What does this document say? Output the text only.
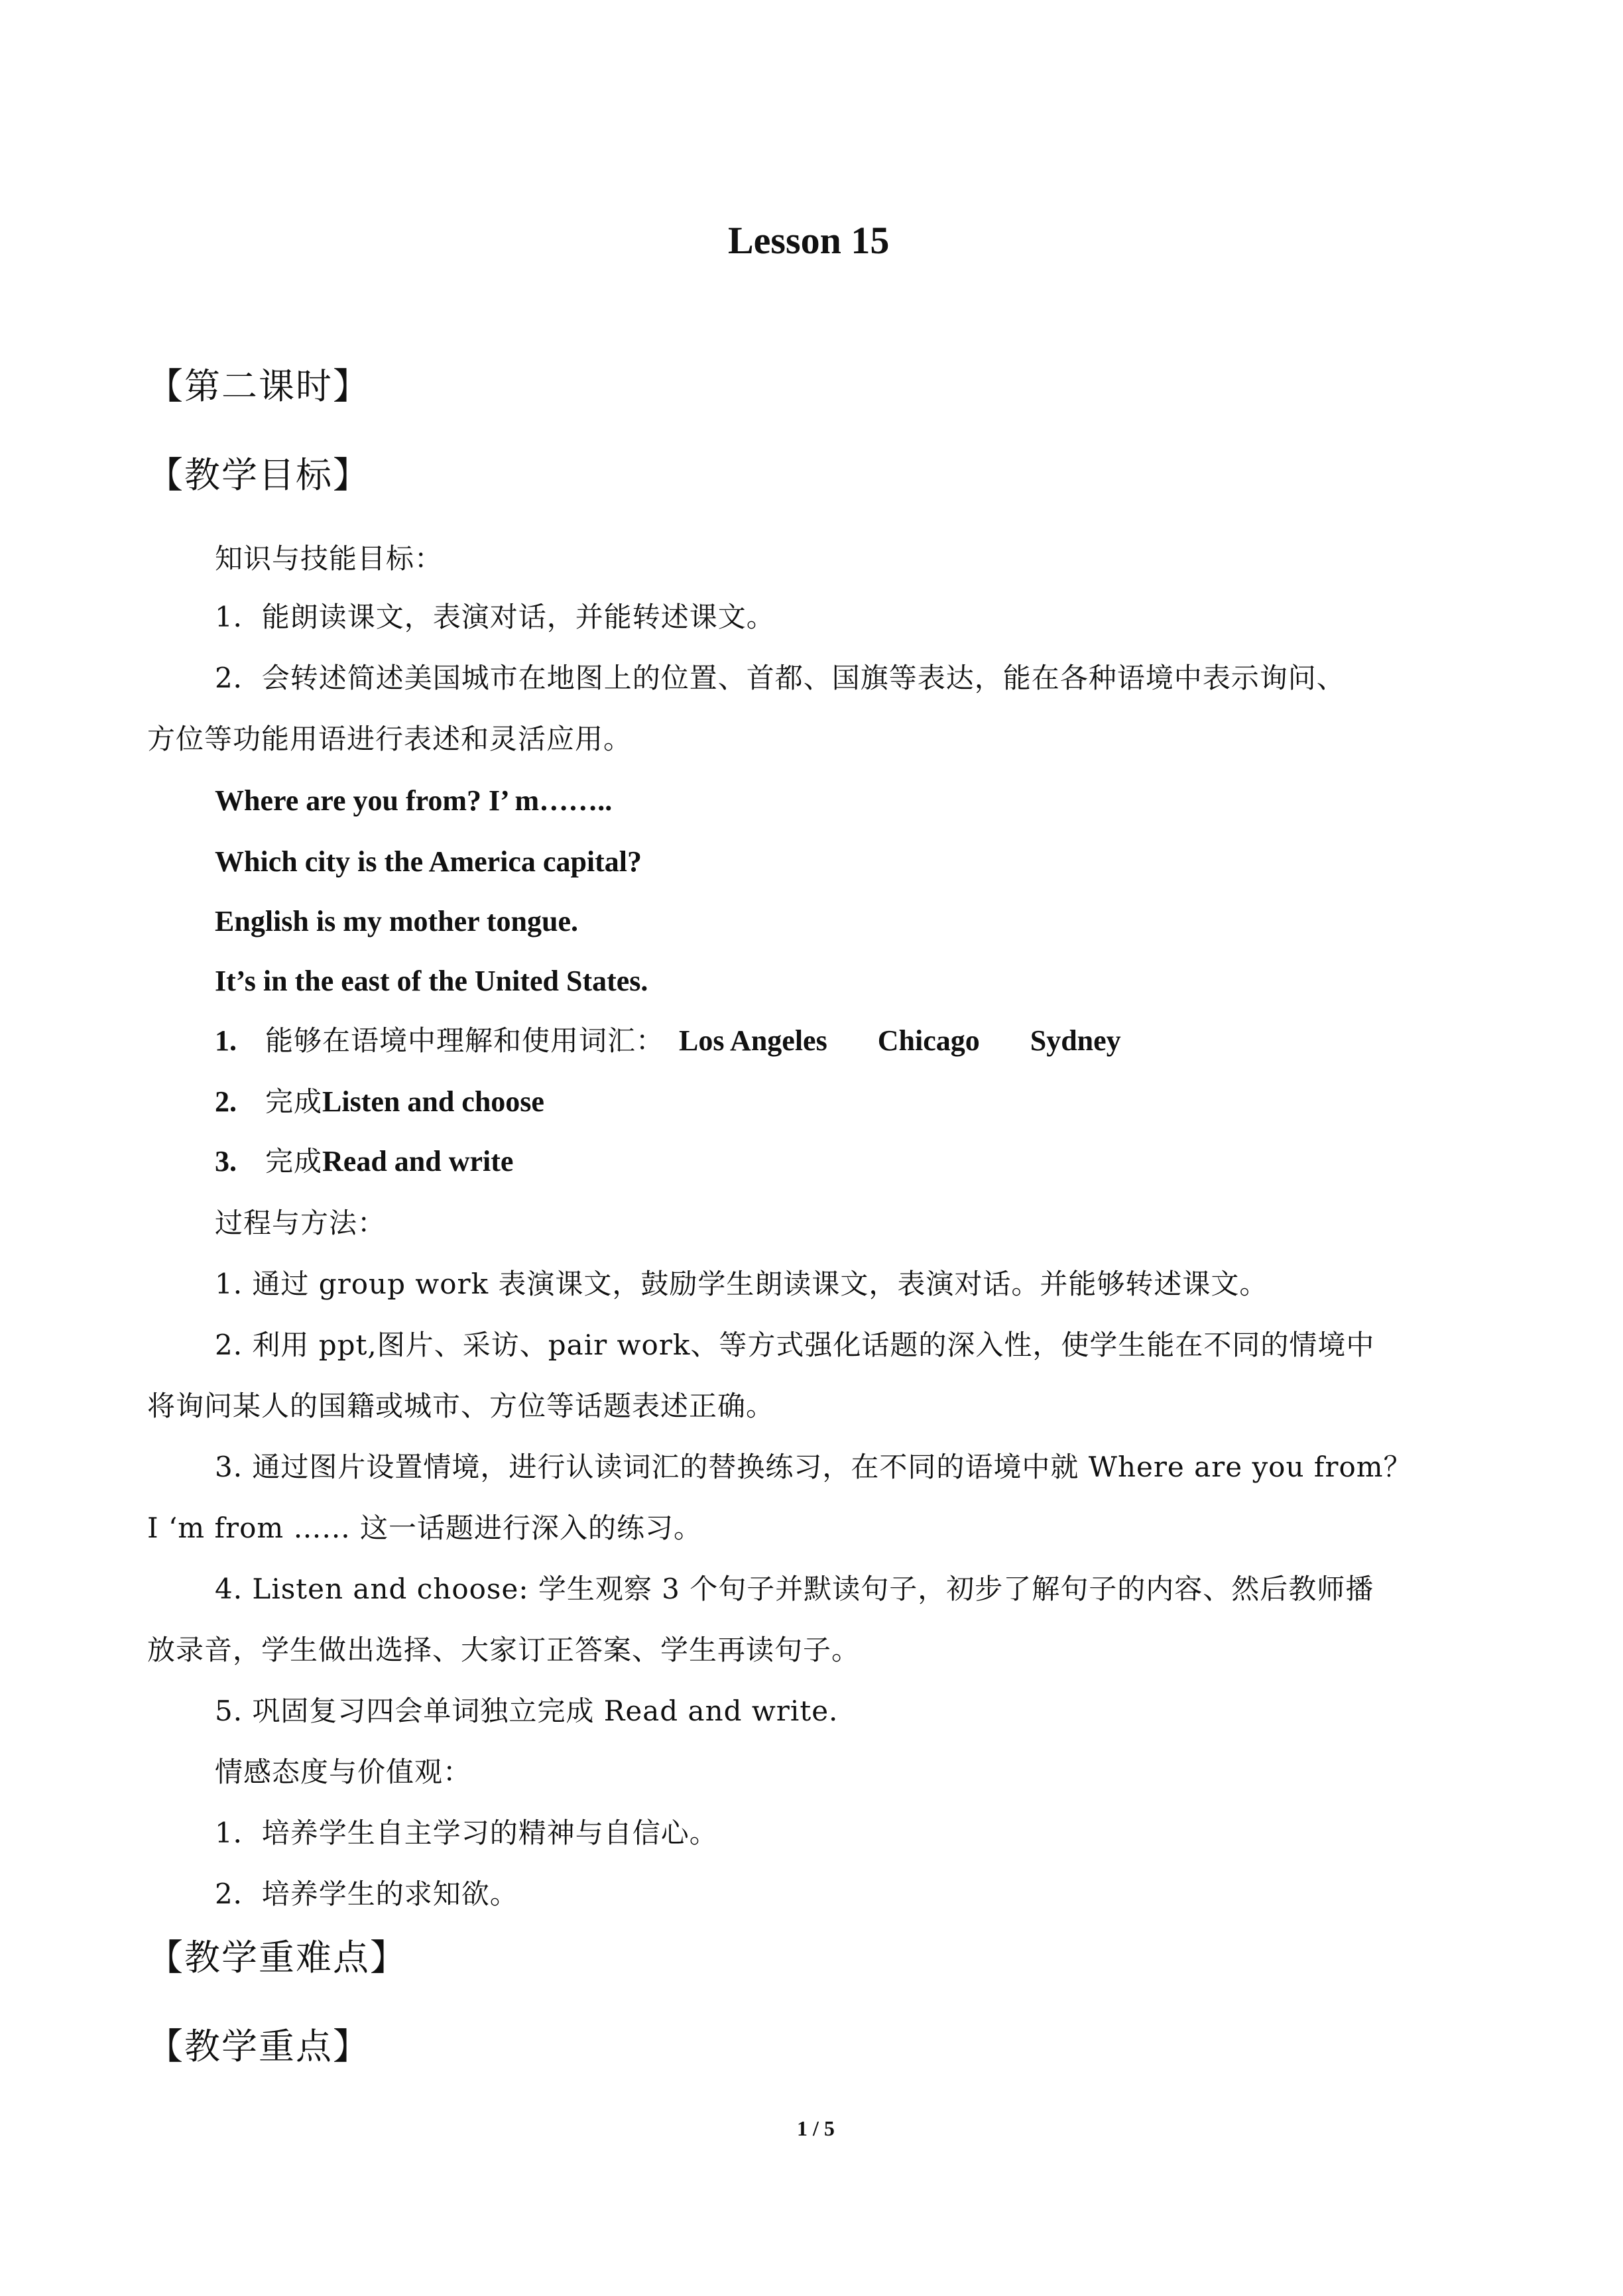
Lesson 15
【第二课时】
【教学目标】
知识与技能目标：
1．能朗读课文，表演对话，并能转述课文。
2．会转述简述美国城市在地图上的位置、首都、国旗等表达，能在各种语境中表示询问、
方位等功能用语进行表述和灵活应用。
Where are you from? I’ m……..
Which city is the America capital?
English is my mother tongue.
It’s in the east of the United States.
1. 能够在语境中理解和使用词汇： Los Angeles Chicago Sydney
2. 完成Listen and choose
3. 完成Read and write
过程与方法：
1. 通过 group work 表演课文，鼓励学生朗读课文，表演对话。并能够转述课文。
2. 利用 ppt,图片、采访、pair work、等方式强化话题的深入性，使学生能在不同的情境中
将询问某人的国籍或城市、方位等话题表述正确。
3. 通过图片设置情境，进行认读词汇的替换练习，在不同的语境中就 Where are you from？
I ‘m from …... 这一话题进行深入的练习。
4. Listen and choose: 学生观察 3 个句子并默读句子，初步了解句子的内容、然后教师播
放录音，学生做出选择、大家订正答案、学生再读句子。
5. 巩固复习四会单词独立完成 Read and write.
情感态度与价值观：
1．培养学生自主学习的精神与自信心。
2．培养学生的求知欲。
【教学重难点】
【教学重点】
1 / 5
